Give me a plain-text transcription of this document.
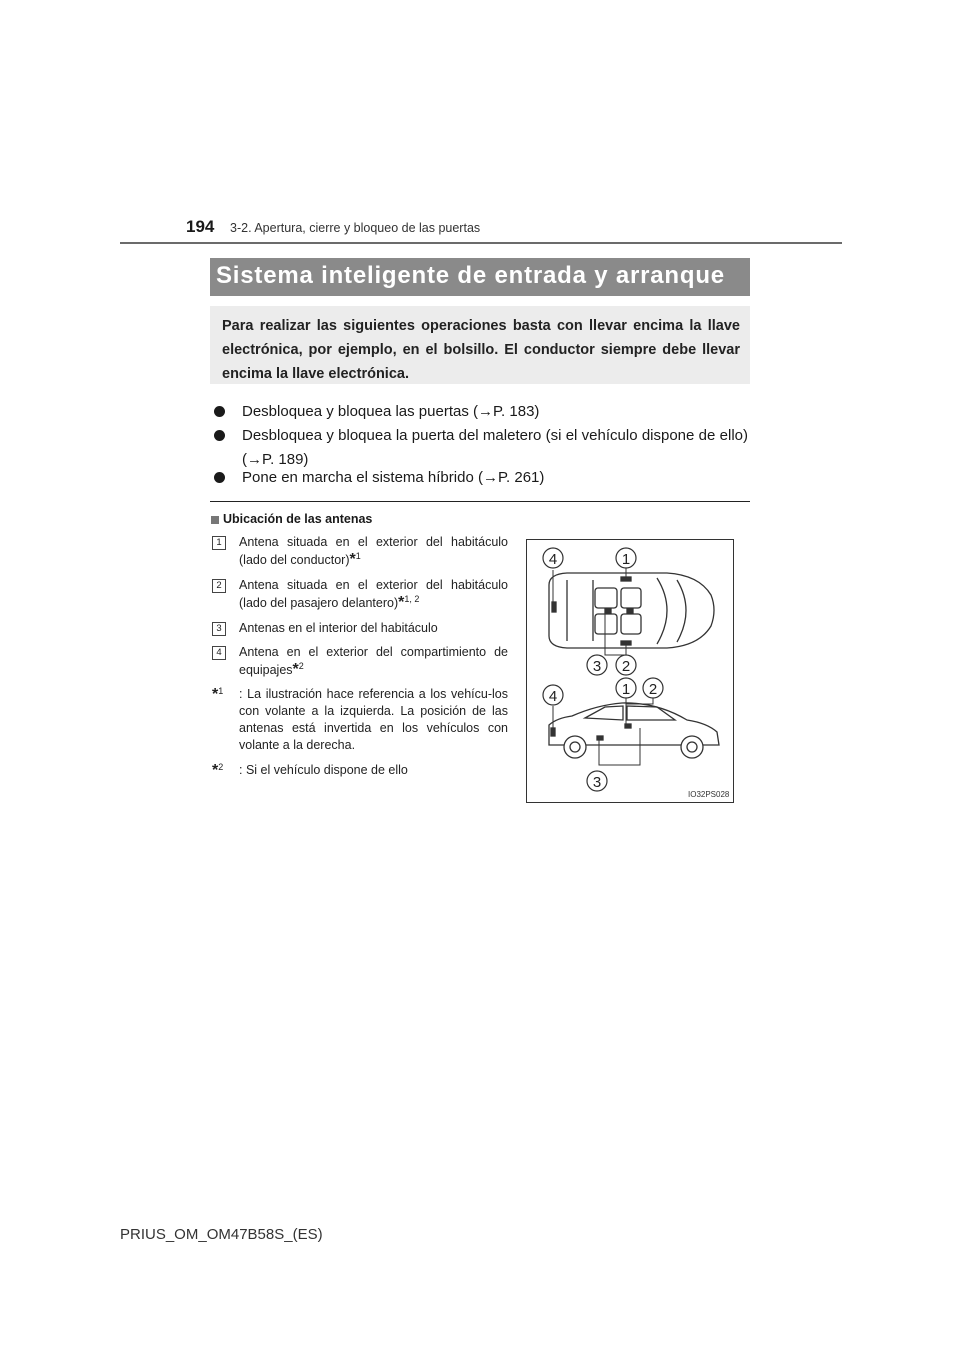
194 3-2. Apertura, cierre y bloqueo de las puertas
Sistema inteligente de entrada y arranque
Para realizar las siguientes operaciones basta con llevar encima la llave electrónica, por ejemplo, en el bolsillo. El conductor siempre debe llevar encima la llave electrónica.
Desbloquea y bloquea las puertas (→P. 183)
Desbloquea y bloquea la puerta del maletero (si el vehículo dispone de ello) (→P. 189)
Pone en marcha el sistema híbrido (→P. 261)
Ubicación de las antenas
1	Antena situada en el exterior del habitáculo (lado del conductor)*$^1$
2	Antena situada en el exterior del habitáculo (lado del pasajero delantero)*$^{1, 2}$
3	Antenas en el interior del habitáculo
4	Antena en el exterior del compartimiento de equipajes*$^2$
*$^1$ : La ilustración hace referencia a los vehícu-los con volante a la izquierda. La posición de las antenas está invertida en los vehículos con volante a la derecha.
*$^2$ : Si el vehículo dispone de ello
4	1
3 2
4	1 2
3
IO32PS028
PRIUS_OM_OM47B58S_(ES)
